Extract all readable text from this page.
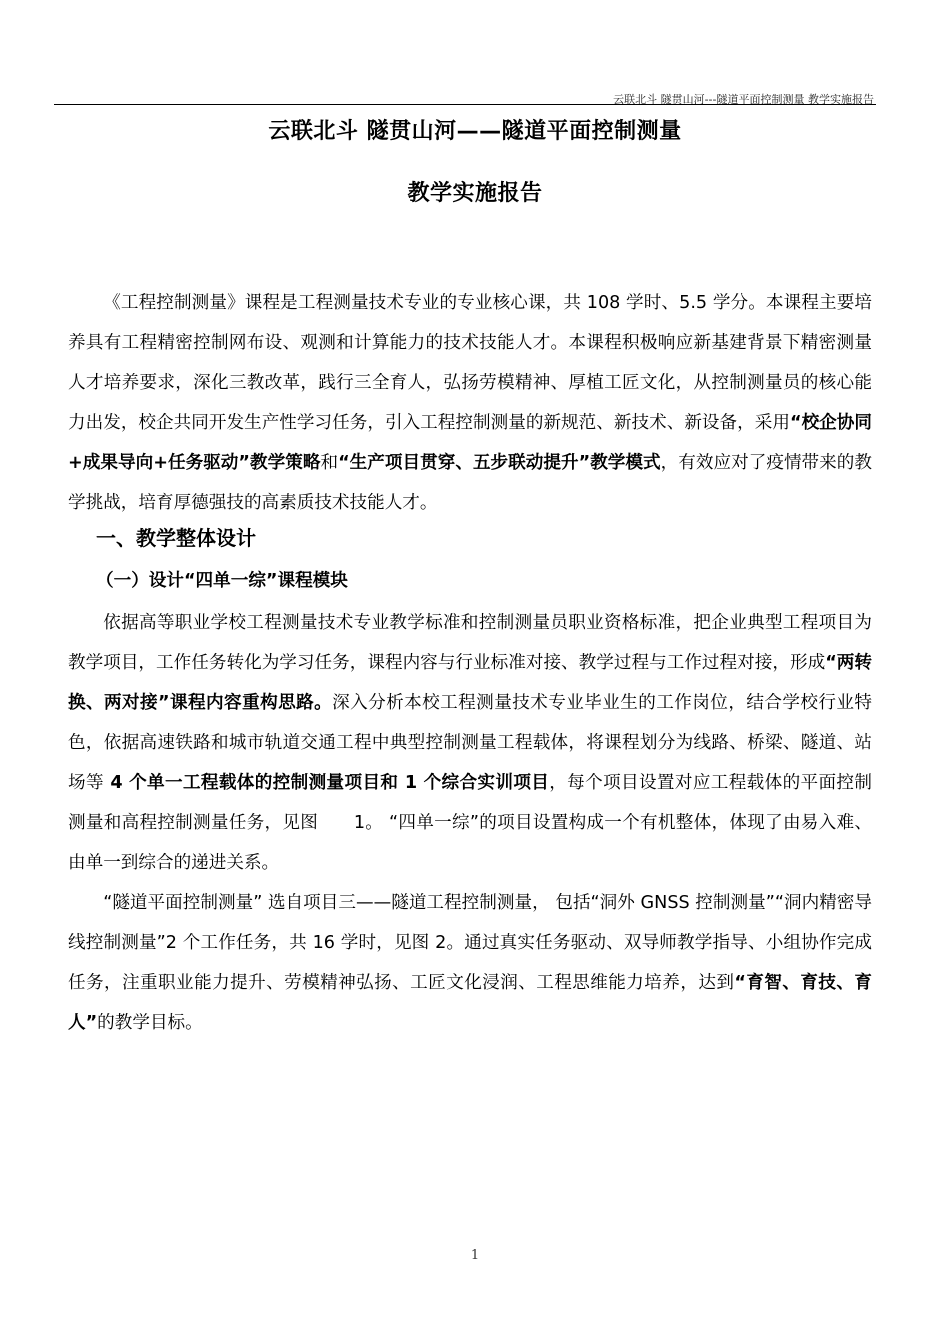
云联北斗 隧贯山河---隧道平面控制测量 教学实施报告
云联北斗 隧贯山河——隧道平面控制测量
教学实施报告

《工程控制测量》课程是工程测量技术专业的专业核心课，共 108 学时、5.5 学分。本课程主要培养具有工程精密控制网布设、观测和计算能力的技术技能人才。本课程积极响应新基建背景下精密测量人才培养要求，深化三教改革，践行三全育人，弘扬劳模精神、厚植工匠文化，从控制测量员的核心能力出发，校企共同开发生产性学习任务，引入工程控制测量的新规范、新技术、新设备，采用“校企协同+成果导向+任务驱动”教学策略和“生产项目贯穿、五步联动提升”教学模式，有效应对了疫情带来的教学挑战，培育厚德强技的高素质技术技能人才。

一、教学整体设计
（一）设计“四单一综”课程模块

依据高等职业学校工程测量技术专业教学标准和控制测量员职业资格标准，把企业典型工程项目为教学项目，工作任务转化为学习任务，课程内容与行业标准对接、教学过程与工作过程对接，形成“两转换、两对接”课程内容重构思路。深入分析本校工程测量技术专业毕业生的工作岗位，结合学校行业特色，依据高速铁路和城市轨道交通工程中典型控制测量工程载体，将课程划分为线路、桥梁、隧道、站场等 4 个单一工程载体的控制测量项目和 1 个综合实训项目，每个项目设置对应工程载体的平面控制测量和高程控制测量任务，见图　　1。 “四单一综”的项目设置构成一个有机整体，体现了由易入难、由单一到综合的递进关系。

“隧道平面控制测量” 选自项目三——隧道工程控制测量， 包括“洞外 GNSS 控制测量”“洞内精密导线控制测量”2 个工作任务，共 16 学时，见图 2。通过真实任务驱动、双导师教学指导、小组协作完成任务，注重职业能力提升、劳模精神弘扬、工匠文化浸润、工程思维能力培养，达到“育智、育技、育人”的教学目标。

1
